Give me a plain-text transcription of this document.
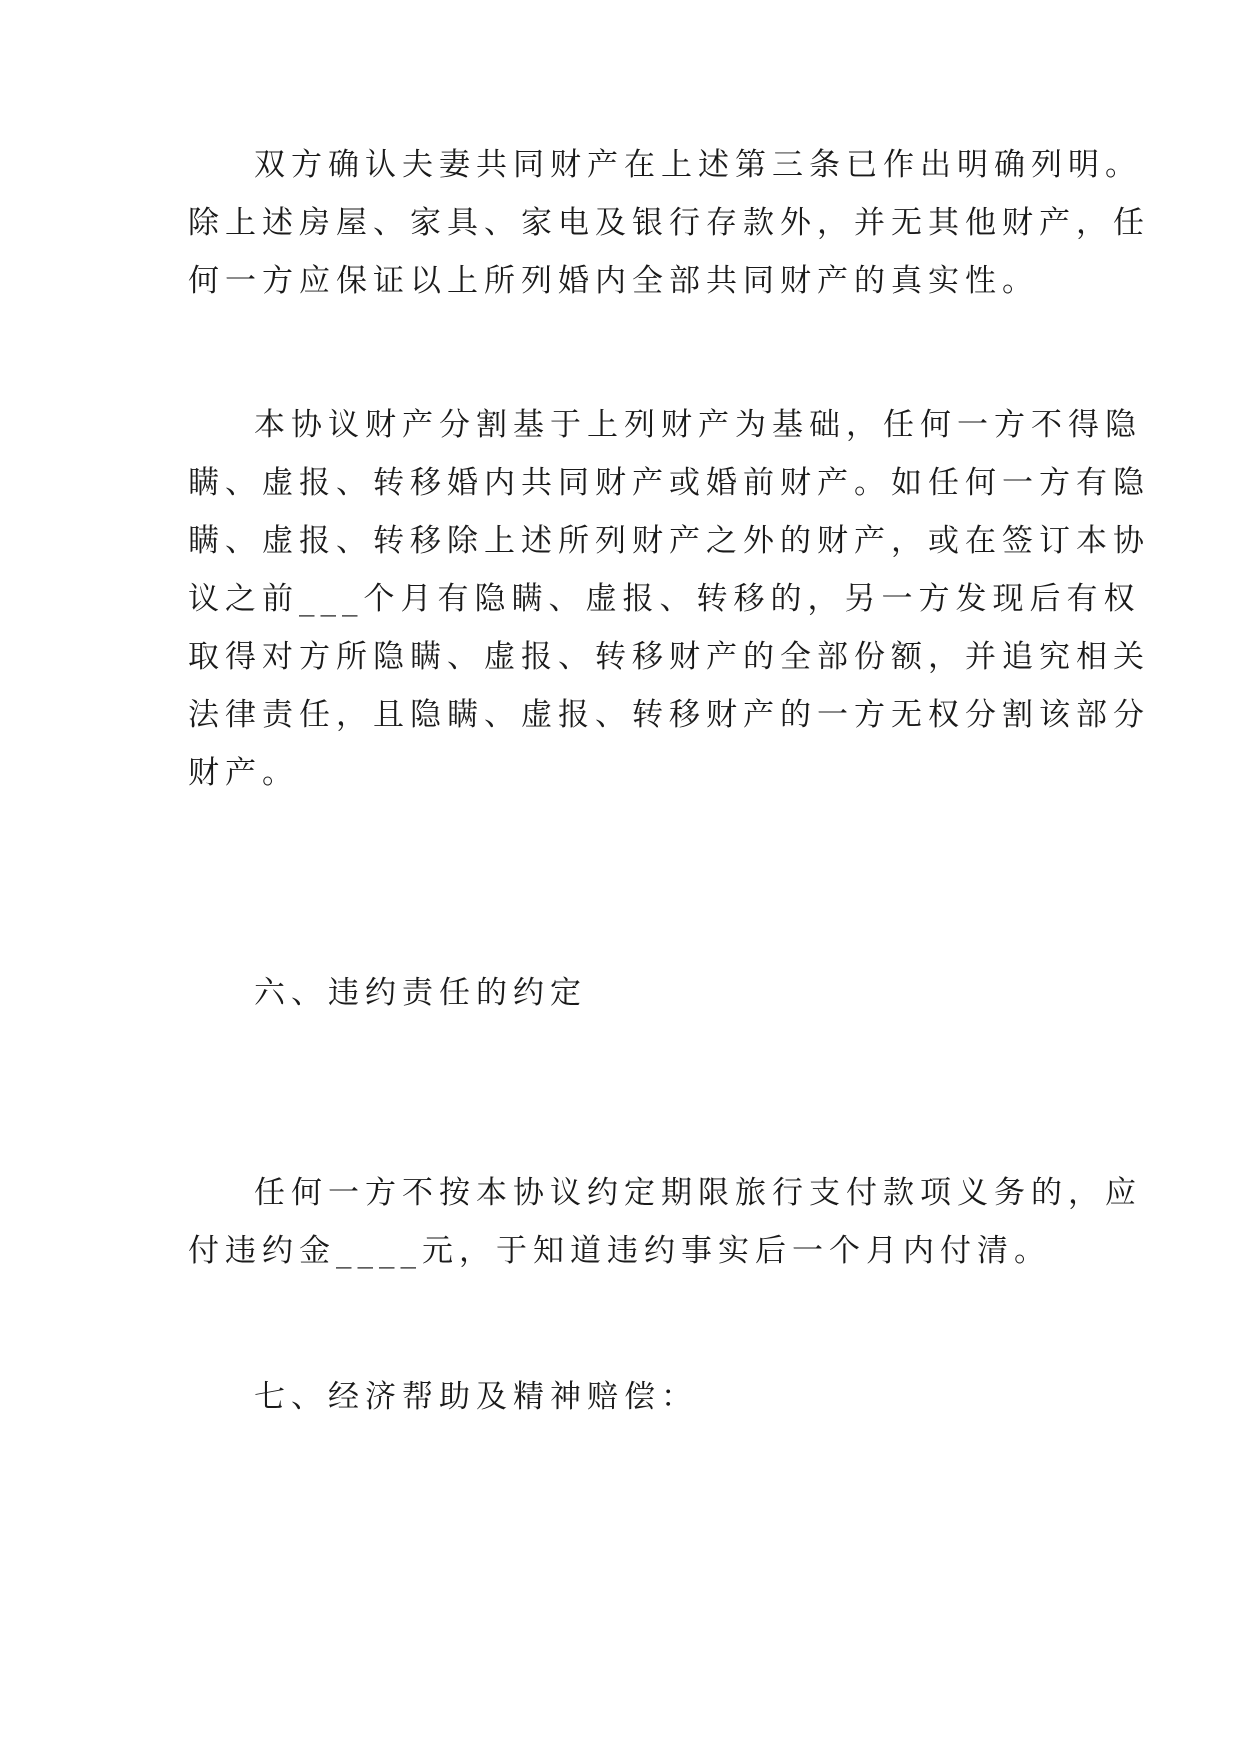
双方确认夫妻共同财产在上述第三条已作出明确列明。
除上述房屋、家具、家电及银行存款外，并无其他财产，任
何一方应保证以上所列婚内全部共同财产的真实性。
本协议财产分割基于上列财产为基础，任何一方不得隐
瞒、虚报、转移婚内共同财产或婚前财产。如任何一方有隐
瞒、虚报、转移除上述所列财产之外的财产，或在签订本协
议之前___个月有隐瞒、虚报、转移的，另一方发现后有权
取得对方所隐瞒、虚报、转移财产的全部份额，并追究相关
法律责任，且隐瞒、虚报、转移财产的一方无权分割该部分
财产。
六、违约责任的约定
任何一方不按本协议约定期限旅行支付款项义务的，应
付违约金____元，于知道违约事实后一个月内付清。
七、经济帮助及精神赔偿：
